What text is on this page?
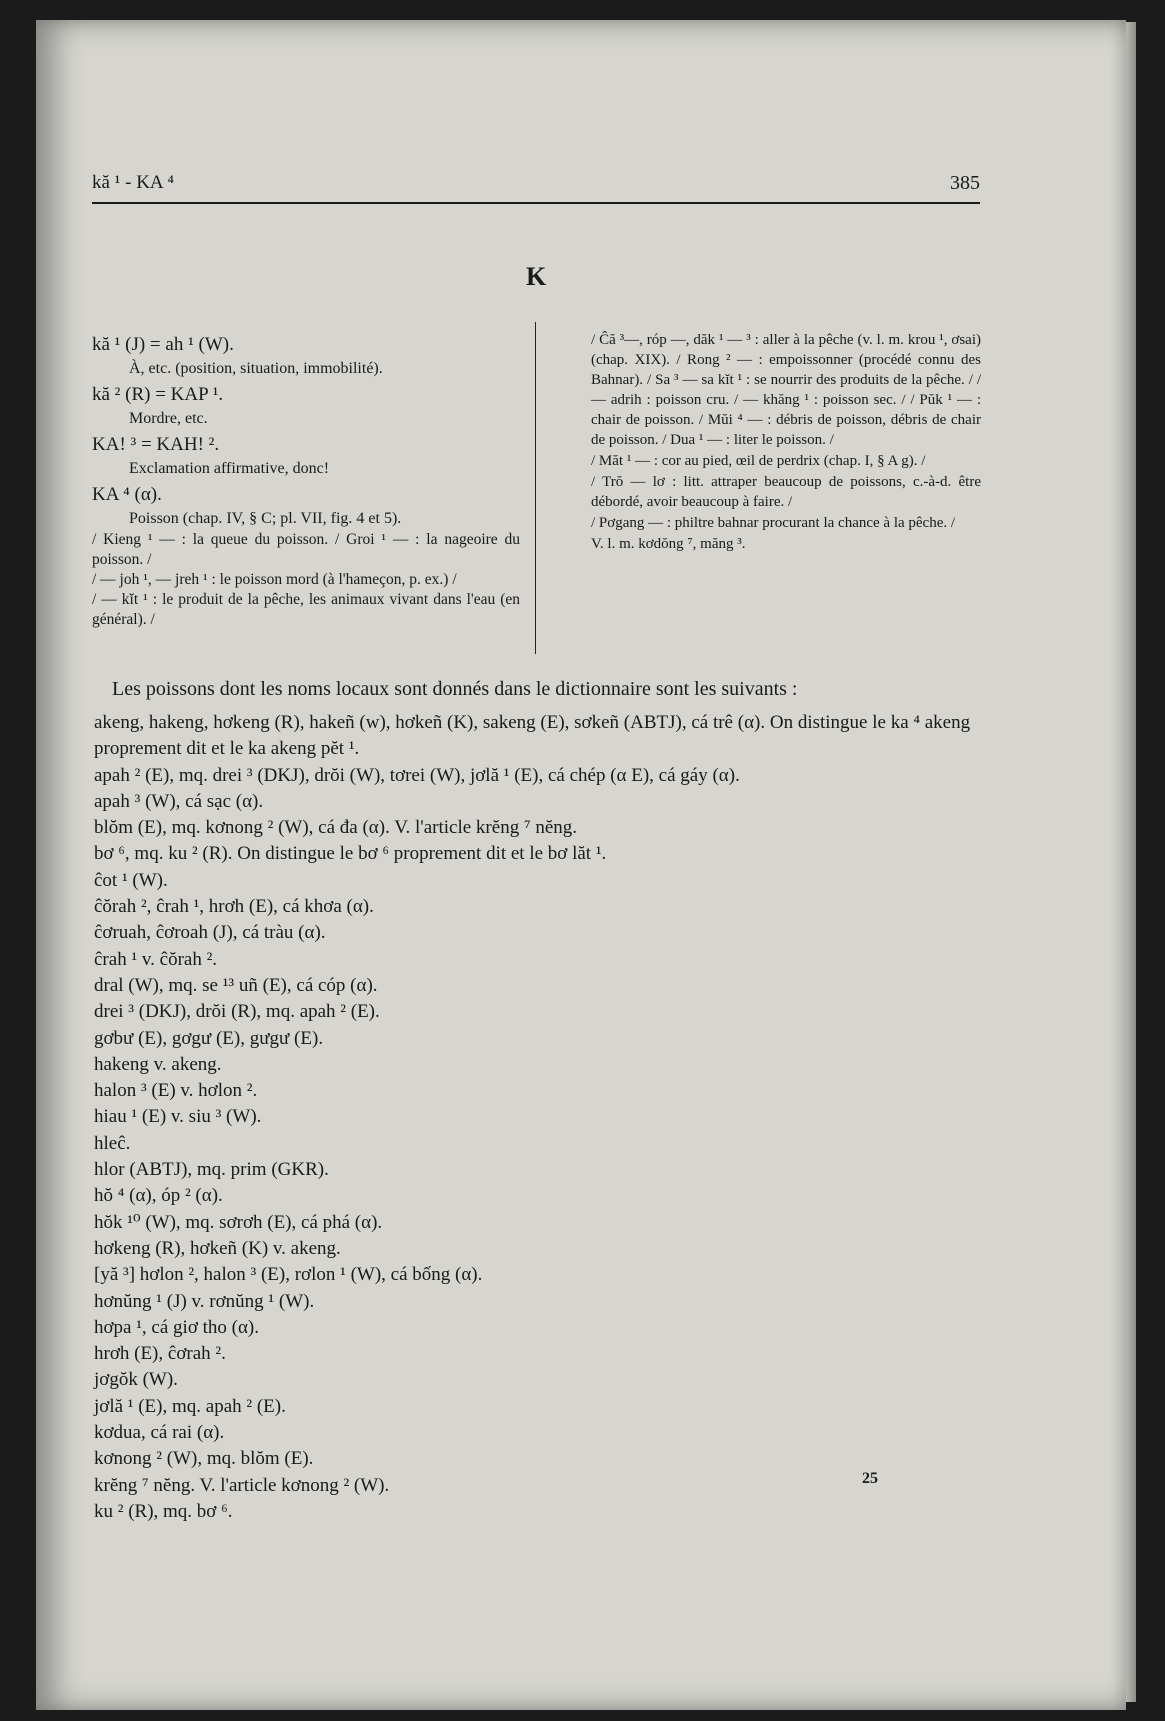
kă ¹ - KA ⁴	385
K
kă ¹ (J) = ah ¹ (W).
À, etc. (position, situation, immobilité).
kă ² (R) = KAP ¹.
Mordre, etc.
KA! ³ = KAH! ².
Exclamation affirmative, donc!
KA ⁴ (α).
Poisson (chap. IV, § C; pl. VII, fig. 4 et 5).
/ Kieng ¹ — : la queue du poisson. / Groi ¹ — : la nageoire du poisson. /
/ — joh ¹, — jreh ¹ : le poisson mord (à l'hameçon, p. ex.) /
/ — kĭt ¹ : le produit de la pêche, les animaux vivant dans l'eau (en général). /

/ Ĉă ³—, róp —, dăk ¹ — ³ : aller à la pêche (v. l. m. krou ¹, ơsai) (chap. XIX). / Rong ² — : empoissonner (procédé connu des Bahnar). / Sa ³ — sa kĭt ¹ : se nourrir des produits de la pêche. / / — adrih : poisson cru. / — khăng ¹ : poisson sec. / / Pŭk ¹ — : chair de poisson. / Mŭi ⁴ — : débris de poisson, débris de chair de poisson. / Dua ¹ — : liter le poisson. /

/ Măt ¹ — : cor au pied, œil de perdrix (chap. I, § A g). /

/ Trŏ — lơ : litt. attraper beaucoup de poissons, c.-à-d. être débordé, avoir beaucoup à faire. /

/ Pơgang — : philtre bahnar procurant la chance à la pêche. /

V. l. m. kơdŏng ⁷, măng ³.

Les poissons dont les noms locaux sont donnés dans le dictionnaire sont les suivants :
akeng, hakeng, hơkeng (R), hakeñ (w), hơkeñ (K), sakeng (E), sơkeñ (ABTJ), cá trê (α). On distingue le ka ⁴ akeng proprement dit et le ka akeng pĕt ¹.
apah ² (E), mq. drei ³ (DKJ), drŏi (W), tơrei (W), jơlă ¹ (E), cá chép (α E), cá gáy (α).
apah ³ (W), cá sạc (α).
blŏm (E), mq. kơnong ² (W), cá đa (α). V. l'article krĕng ⁷ nĕng.
bơ ⁶, mq. ku ² (R). On distingue le bơ ⁶ proprement dit et le bơ lăt ¹.
ĉot ¹ (W).
ĉŏrah ², ĉrah ¹, hrơh (E), cá khơa (α).
ĉơruah, ĉơroah (J), cá tràu (α).
ĉrah ¹ v. ĉŏrah ².
dral (W), mq. se ¹³ uñ (E), cá cóp (α).
drei ³ (DKJ), drŏi (R), mq. apah ² (E).
gơbư (E), gơgư (E), gưgư (E).
hakeng v. akeng.
halon ³ (E) v. hơlon ².
hiau ¹ (E) v. siu ³ (W).
hleĉ.
hlor (ABTJ), mq. prim (GKR).
hŏ ⁴ (α), óp ² (α).
hŏk ¹⁰ (W), mq. sơrơh (E), cá phá (α).
hơkeng (R), hơkeñ (K) v. akeng.
[yă ³] hơlon ², halon ³ (E), rơlon ¹ (W), cá bống (α).
hơnŭng ¹ (J) v. rơnŭng ¹ (W).
hơpa ¹, cá giơ tho (α).
hrơh (E), ĉơrah ².
jơgŏk (W).
jơlă ¹ (E), mq. apah ² (E).
kơdua, cá rai (α).
kơnong ² (W), mq. blŏm (E).
krĕng ⁷ nĕng. V. l'article kơnong ² (W).
ku ² (R), mq. bơ ⁶.
25
